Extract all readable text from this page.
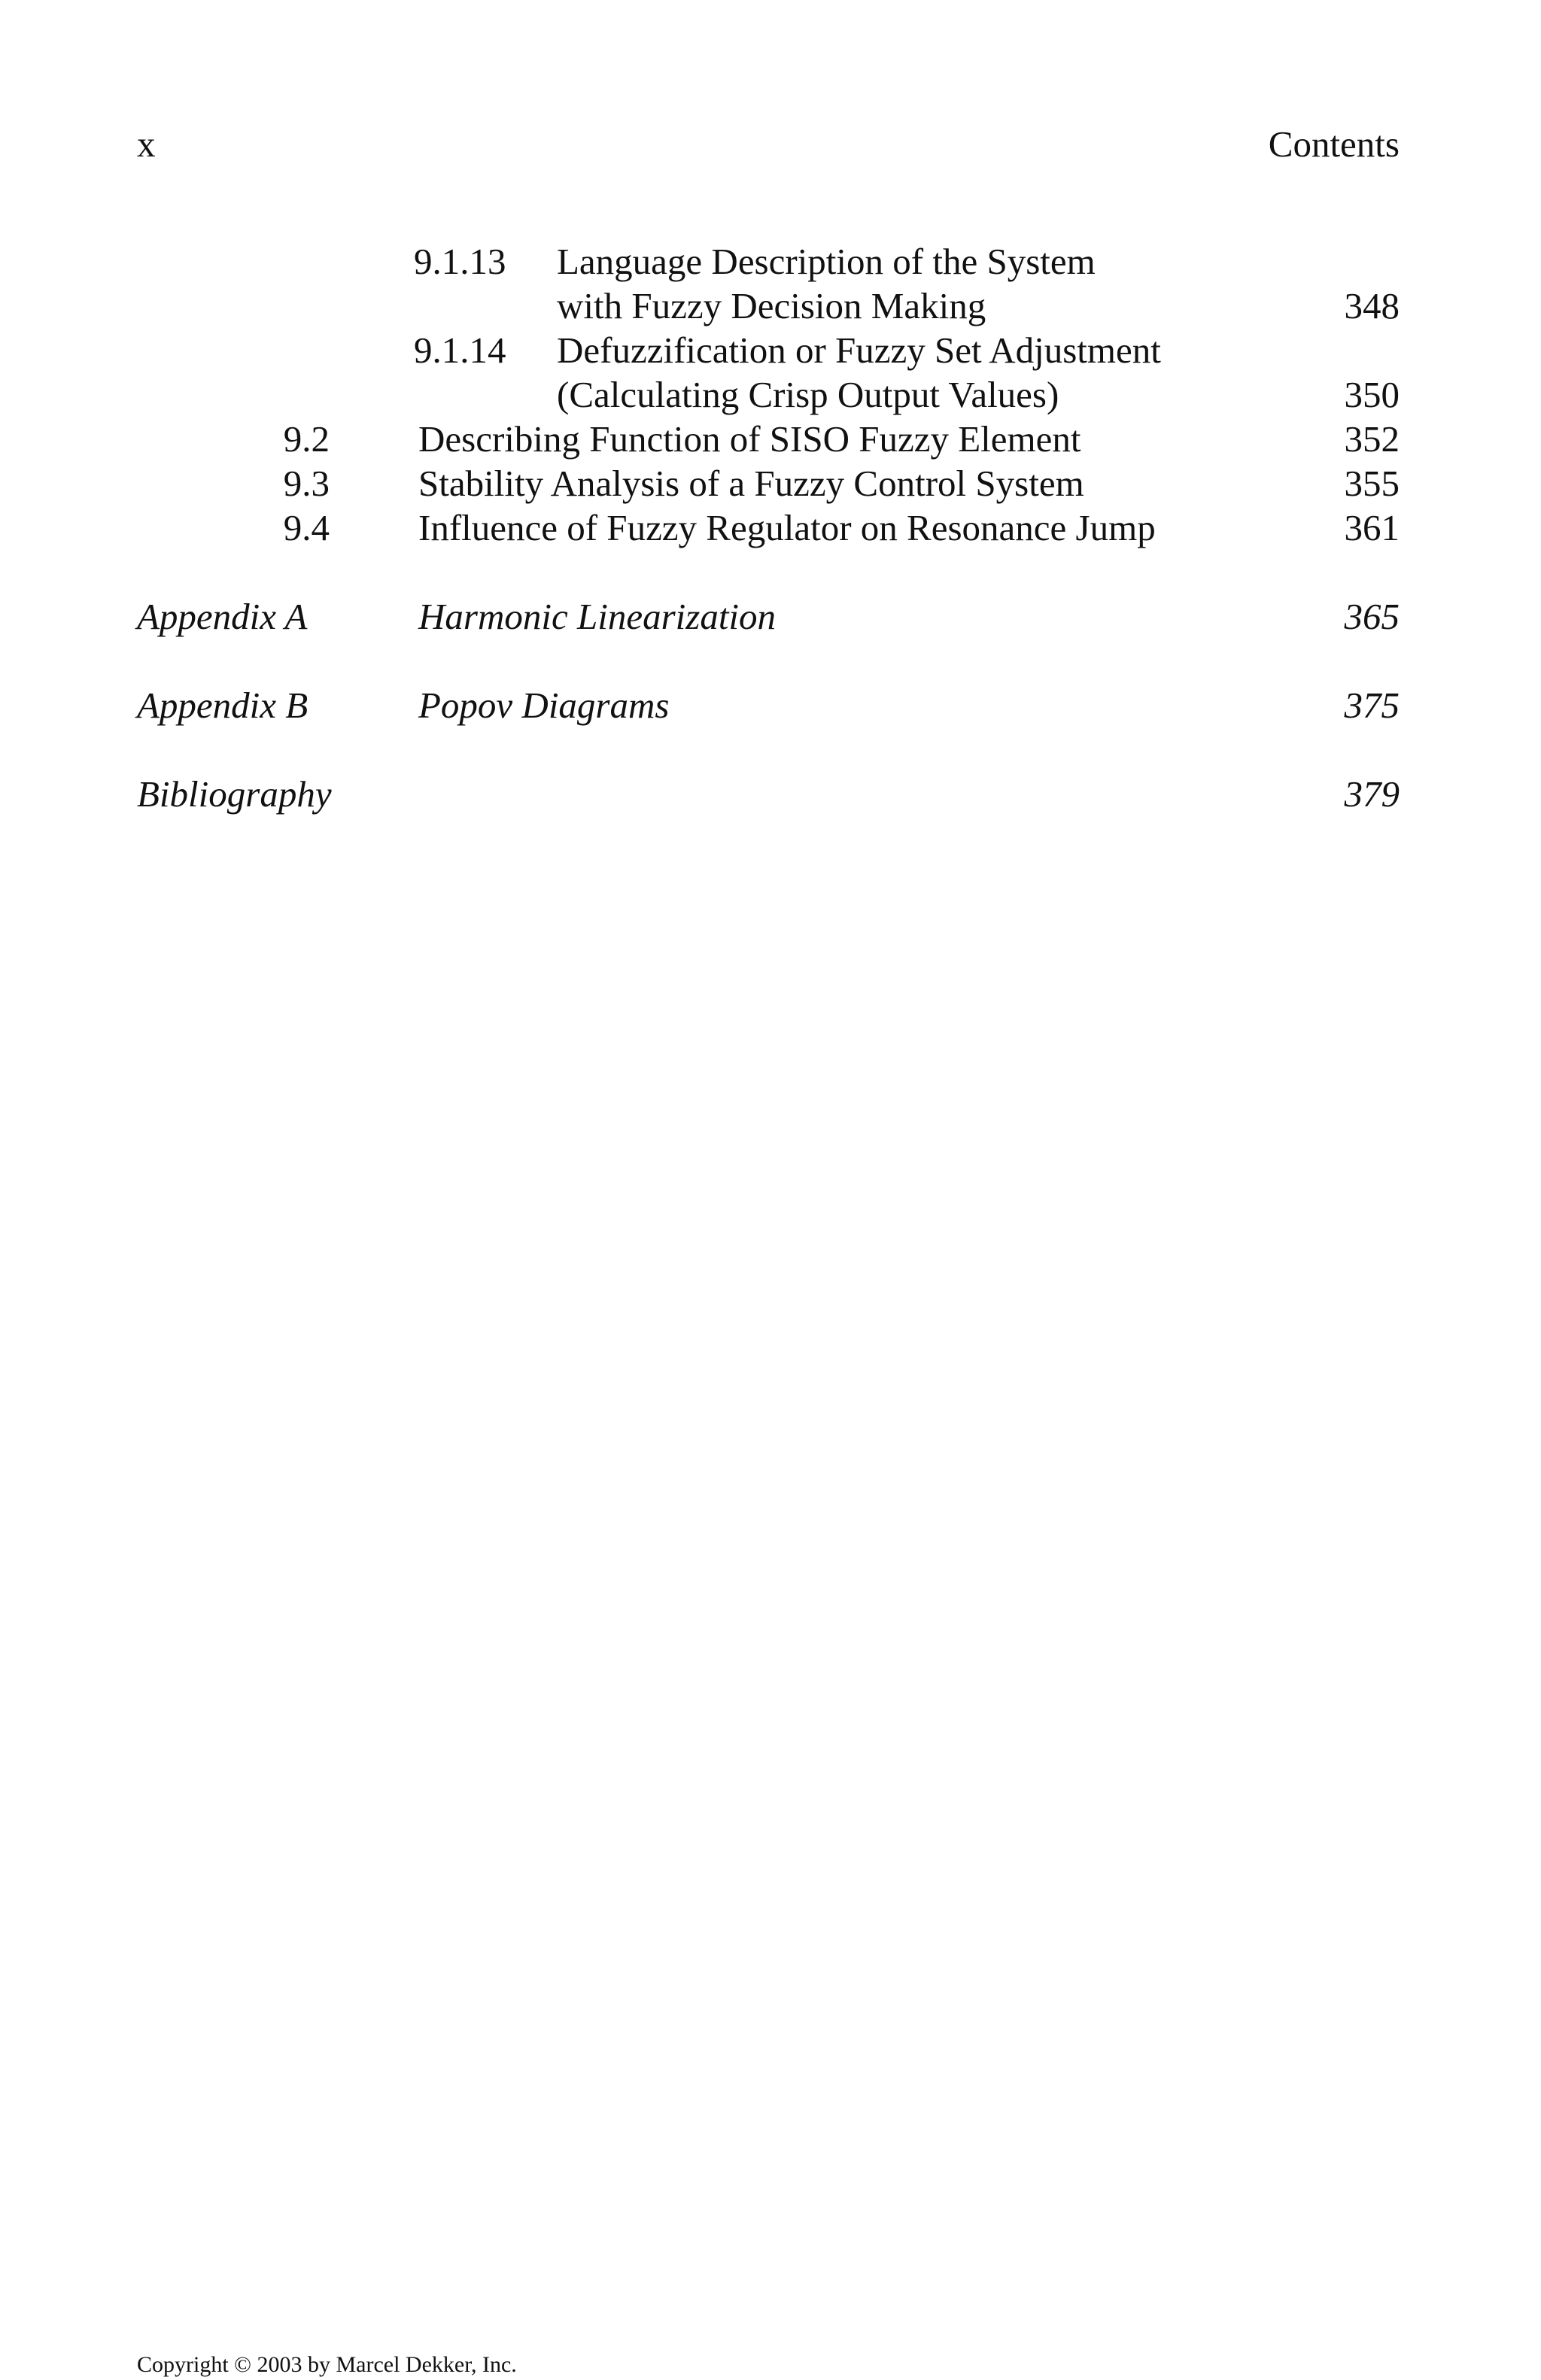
x	Contents
9.1.13 Language Description of the System
with Fuzzy Decision Making	348
9.1.14 Defuzzification or Fuzzy Set Adjustment
(Calculating Crisp Output Values)	350
9.2 Describing Function of SISO Fuzzy Element	352
9.3 Stability Analysis of a Fuzzy Control System	355
9.4 Influence of Fuzzy Regulator on Resonance Jump	361
Appendix A	Harmonic Linearization	365
Appendix B	Popov Diagrams	375
Bibliography	379
Copyright © 2003 by Marcel Dekker, Inc.
